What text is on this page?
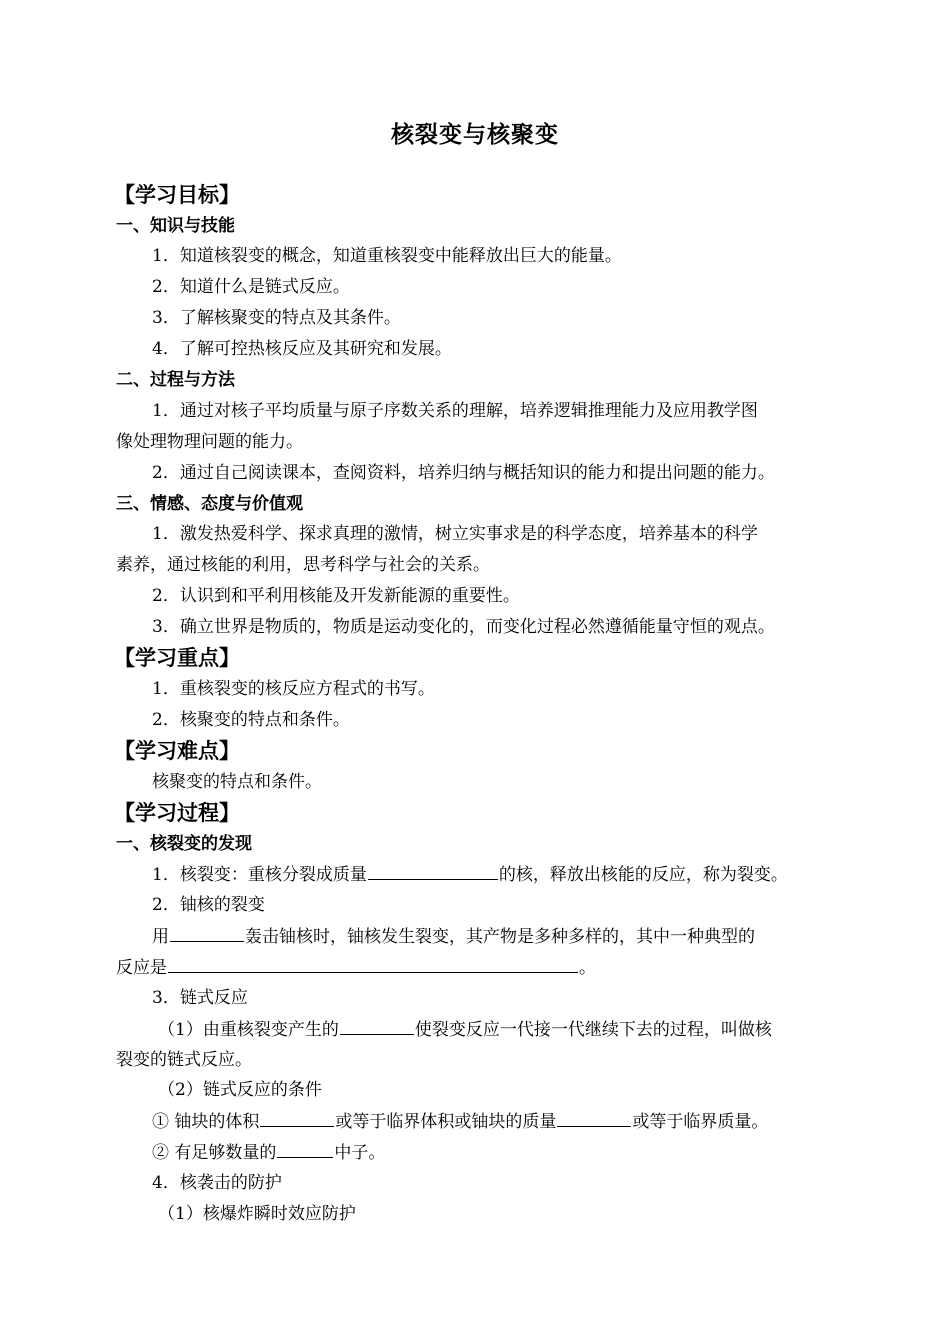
核裂变与核聚变
【学习目标】
一、知识与技能
1．知道核裂变的概念，知道重核裂变中能释放出巨大的能量。
2．知道什么是链式反应。
3．了解核聚变的特点及其条件。
4．了解可控热核反应及其研究和发展。
二、过程与方法
1．通过对核子平均质量与原子序数关系的理解，培养逻辑推理能力及应用教学图
像处理物理问题的能力。
2．通过自己阅读课本，查阅资料，培养归纳与概括知识的能力和提出问题的能力。
三、情感、态度与价值观
1．激发热爱科学、探求真理的激情，树立实事求是的科学态度，培养基本的科学
素养，通过核能的利用，思考科学与社会的关系。
2．认识到和平利用核能及开发新能源的重要性。
3．确立世界是物质的，物质是运动变化的，而变化过程必然遵循能量守恒的观点。
【学习重点】
1．重核裂变的核反应方程式的书写。
2．核聚变的特点和条件。
【学习难点】
核聚变的特点和条件。
【学习过程】
一、核裂变的发现
1．核裂变：重核分裂成质量	的核，释放出核能的反应，称为裂变。
2．铀核的裂变
用	轰击铀核时，铀核发生裂变，其产物是多种多样的，其中一种典型的
反应是	。
3．链式反应
（1）由重核裂变产生的	使裂变反应一代接一代继续下去的过程，叫做核
裂变的链式反应。
（2）链式反应的条件
① 铀块的体积	或等于临界体积或铀块的质量	或等于临界质量。
② 有足够数量的	中子。
4．核袭击的防护
（1）核爆炸瞬时效应防护
